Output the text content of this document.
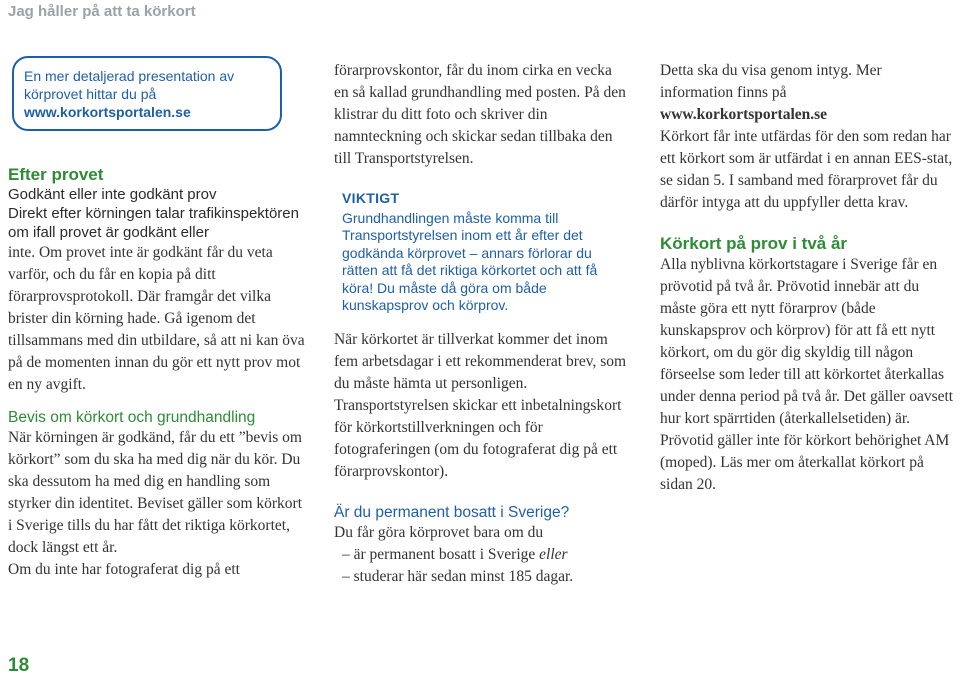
Jag håller på att ta körkort
En mer detaljerad presentation av körprovet hittar du på
www.korkortsportalen.se
Efter provet
Godkänt eller inte godkänt prov
Direkt efter körningen talar trafikinspektören om ifall provet är godkänt eller

inte. Om provet inte är godkänt får du veta varför, och du får en kopia på ditt förarprovsprotokoll. Där framgår det vilka brister din körning hade. Gå igenom det tillsammans med din utbildare, så att ni kan öva på de momenten innan du gör ett nytt prov mot en ny avgift.

Bevis om körkort och grundhandling

När körningen är godkänd, får du ett ”bevis om körkort” som du ska ha med dig när du kör. Du ska dessutom ha med dig en handling som styrker din identitet. Beviset gäller som körkort i Sverige tills du har fått det riktiga körkortet, dock längst ett år.

Om du inte har fotograferat dig på ett

förarprovskontor, får du inom cirka en vecka en så kallad grundhandling med posten. På den klistrar du ditt foto och skriver din namnteckning och skickar sedan tillbaka den till Transportstyrelsen.

VIKTIGT
Grundhandlingen måste komma till Transportstyrelsen inom ett år efter det godkända körprovet – annars förlorar du rätten att få det riktiga körkortet och att få köra! Du måste då göra om både kunskapsprov och körprov.

När körkortet är tillverkat kommer det inom fem arbetsdagar i ett rekommenderat brev, som du måste hämta ut personligen. Transportstyrelsen skickar ett inbetalningskort för körkortstillverkningen och för fotograferingen (om du fotograferat dig på ett förarprovskontor).

Är du permanent bosatt i Sverige?
Du får göra körprovet bara om du
– är permanent bosatt i Sverige eller
– studerar här sedan minst 185 dagar.

Detta ska du visa genom intyg. Mer information finns på

www.korkortsportalen.se

Körkort får inte utfärdas för den som redan har ett körkort som är utfärdat i en annan EES-stat, se sidan 5. I samband med förarprovet får du därför intyga att du uppfyller detta krav.

Körkort på prov i två år

Alla nyblivna körkortstagare i Sverige får en prövotid på två år. Prövotid innebär att du måste göra ett nytt förarprov (både kunskapsprov och körprov) för att få ett nytt körkort, om du gör dig skyldig till någon förseelse som leder till att körkortet återkallas under denna period på två år. Det gäller oavsett hur kort spärrtiden (återkallelsetiden) är. Prövotid gäller inte för körkort behörighet AM (moped). Läs mer om återkallat körkort på sidan 20.

18
